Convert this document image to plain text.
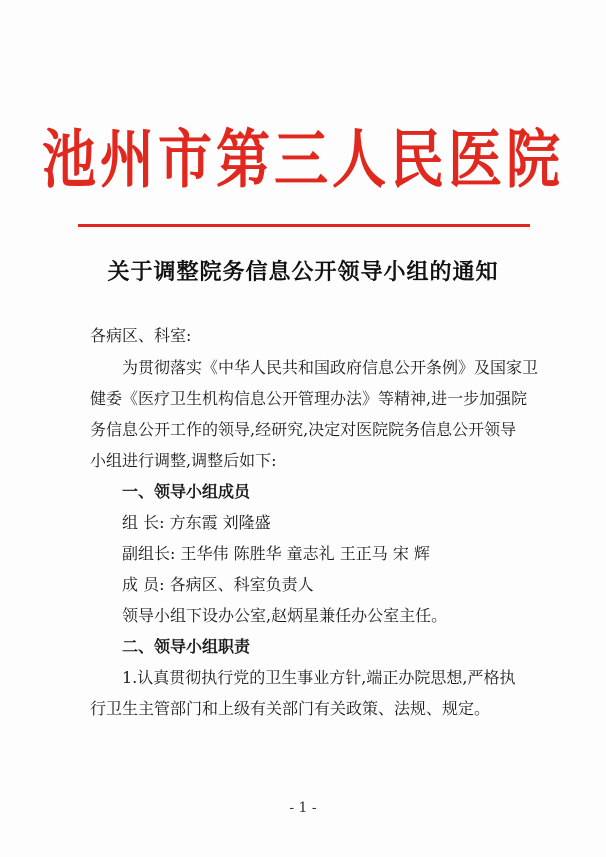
池州市第三人民医院
关于调整院务信息公开领导小组的通知
各病区、科室:
为贯彻落实《中华人民共和国政府信息公开条例》及国家卫
健委《医疗卫生机构信息公开管理办法》等精神,进一步加强院
务信息公开工作的领导,经研究,决定对医院院务信息公开领导
小组进行调整,调整后如下:
一、领导小组成员
组 长: 方东霞 刘隆盛
副组长: 王华伟 陈胜华 童志礼 王正马 宋 辉
成 员: 各病区、科室负责人
领导小组下设办公室,赵炳星兼任办公室主任。
二、领导小组职责
1.认真贯彻执行党的卫生事业方针,端正办院思想,严格执
行卫生主管部门和上级有关部门有关政策、法规、规定。
- 1 -
